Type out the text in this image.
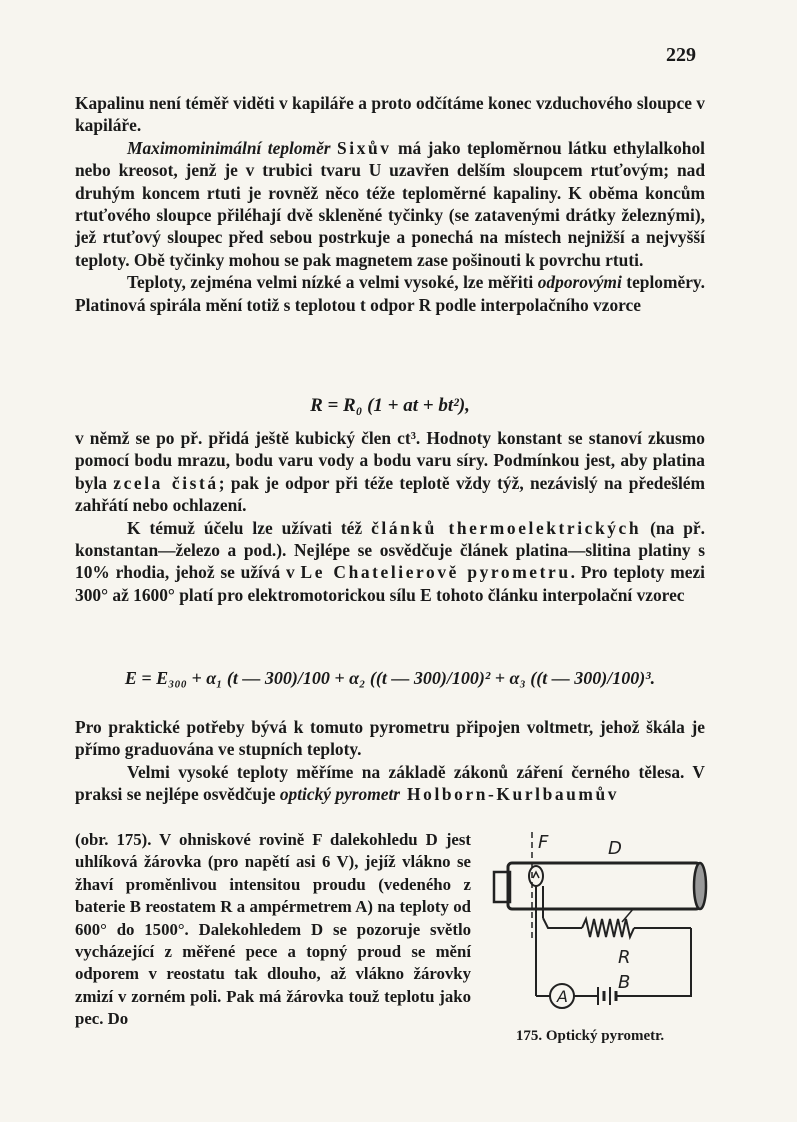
229

Kapalinu není téměř viděti v kapiláře a proto odčítáme konec vzduchového sloupce v kapiláře.

Maximominimální teploměr Sixův má jako teploměrnou látku ethylalkohol nebo kreosot, jenž je v trubici tvaru U uzavřen delším sloupcem rtuťovým; nad druhým koncem rtuti je rovněž něco téže teploměrné kapaliny. K oběma koncům rtuťového sloupce přiléhají dvě skleněné tyčinky (se zatavenými drátky železnými), jež rtuťový sloupec před sebou postrkuje a ponechá na místech nejnižší a nejvyšší teploty. Obě tyčinky mohou se pak magnetem zase pošinouti k povrchu rtuti.

Teploty, zejména velmi nízké a velmi vysoké, lze měřiti odporovými teploměry. Platinová spirála mění totiž s teplotou t odpor R podle interpolačního vzorce

R = R₀ (1 + at + bt²),

v němž se po př. přidá ještě kubický člen ct³. Hodnoty konstant se stanoví zkusmo pomocí bodu mrazu, bodu varu vody a bodu varu síry. Podmínkou jest, aby platina byla zcela čistá; pak je odpor při téže teplotě vždy týž, nezávislý na předešlém zahřátí nebo ochlazení.

K témuž účelu lze užívati též článků thermoelektrických (na př. konstantan—železo a pod.). Nejlépe se osvědčuje článek platina—slitina platiny s 10% rhodia, jehož se užívá v Le Chatelierově pyrometru. Pro teploty mezi 300° až 1600° platí pro elektromotorickou sílu E tohoto článku interpolační vzorec

E = E₃₀₀ + α₁ (t — 300)/100 + α₂ ((t — 300)/100)² + α₃ ((t — 300)/100)³.

Pro praktické potřeby bývá k tomuto pyrometru připojen voltmetr, jehož škála je přímo graduována ve stupních teploty.

Velmi vysoké teploty měříme na základě zákonů záření černého tělesa. V praksi se nejlépe osvědčuje optický pyrometr Holborn-Kurlbaumův

(obr. 175). V ohniskové rovině F dalekohledu D jest uhlíková žárovka (pro napětí asi 6 V), jejíž vlákno se žhaví proměnlivou intensitou proudu (vedeného z baterie B reostatem R a ampérmetrem A) na teploty od 600° do 1500°. Dalekohledem D se pozoruje světlo vycházející z měřené pece a topný proud se mění odporem v reostatu tak dlouho, až vlákno žárovky zmizí v zorném poli. Pak má žárovka touž teplotu jako pec. Do

F	D
R
B
A
175. Optický pyrometr.
